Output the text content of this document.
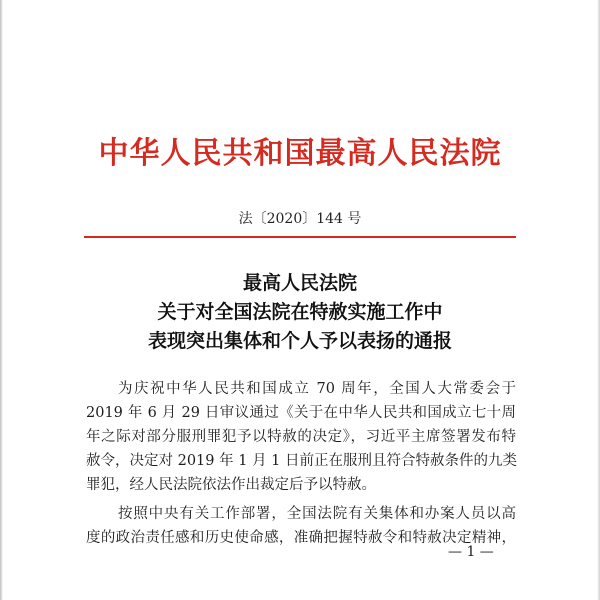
中华人民共和国最高人民法院
法〔2020〕144 号
最高人民法院
关于对全国法院在特赦实施工作中
表现突出集体和个人予以表扬的通报
为庆祝中华人民共和国成立 70 周年，全国人大常委会于
2019 年 6 月 29 日审议通过《关于在中华人民共和国成立七十周
年之际对部分服刑罪犯予以特赦的决定》，习近平主席签署发布特
赦令，决定对 2019 年 1 月 1 日前正在服刑且符合特赦条件的九类
罪犯，经人民法院依法作出裁定后予以特赦。
按照中央有关工作部署，全国法院有关集体和办案人员以高
度的政治责任感和历史使命感，准确把握特赦令和特赦决定精神，
— 1 —
